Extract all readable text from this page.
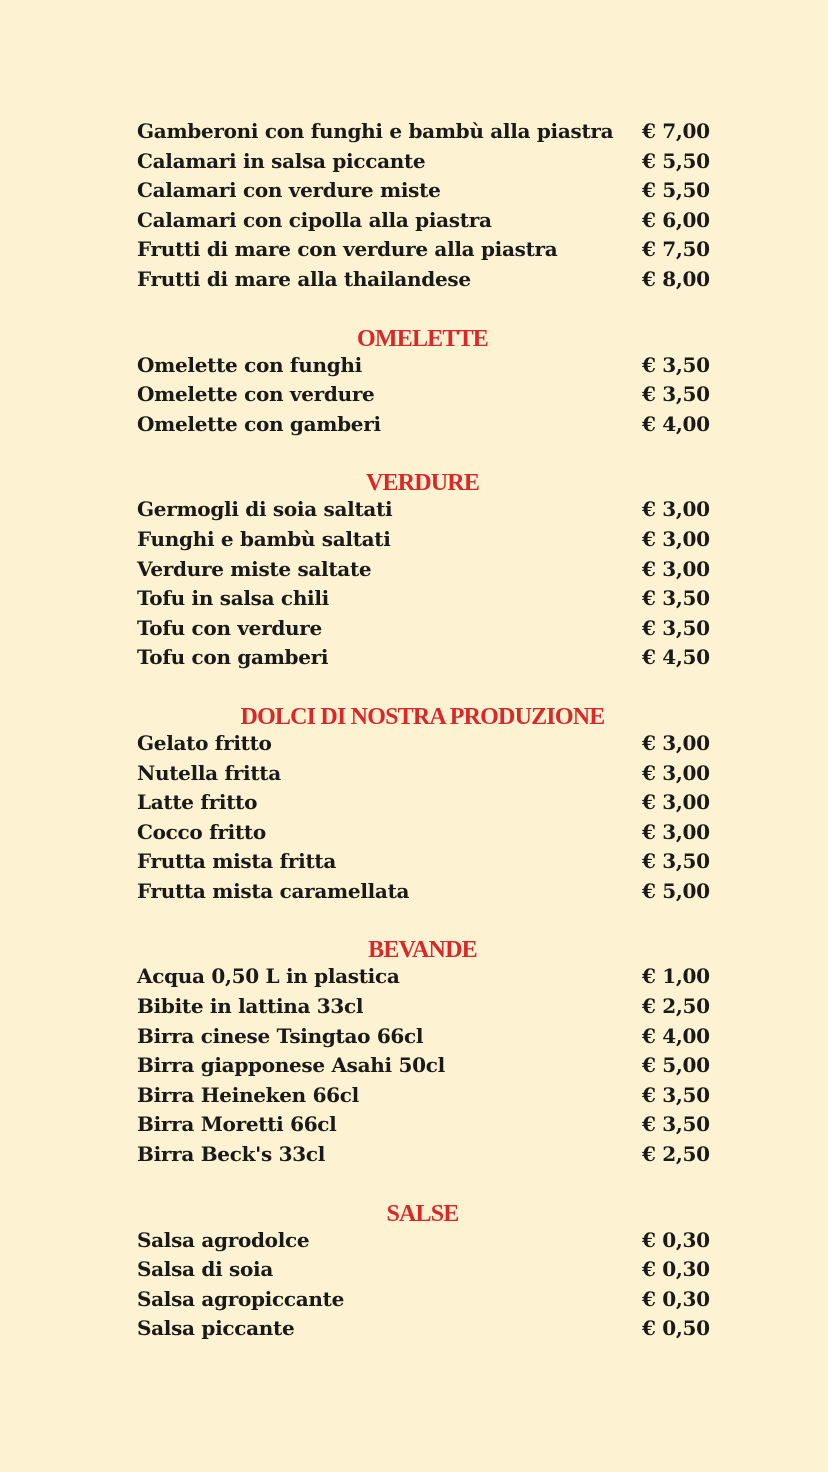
Gamberoni con funghi e bambù alla piastra € 7,00
Calamari in salsa piccante	€ 5,50
Calamari con verdure miste	€ 5,50
Calamari con cipolla alla piastra	€ 6,00
Frutti di mare con verdure alla piastra	€ 7,50
Frutti di mare alla thailandese	€ 8,00
OMELETTE
Omelette con funghi	€ 3,50
Omelette con verdure	€ 3,50
Omelette con gamberi	€ 4,00
VERDURE
Germogli di soia saltati	€ 3,00
Funghi e bambù saltati	€ 3,00
Verdure miste saltate	€ 3,00
Tofu in salsa chili	€ 3,50
Tofu con verdure	€ 3,50
Tofu con gamberi	€ 4,50
DOLCI DI NOSTRA PRODUZIONE
Gelato fritto	€ 3,00
Nutella fritta	€ 3,00
Latte fritto	€ 3,00
Cocco fritto	€ 3,00
Frutta mista fritta	€ 3,50
Frutta mista caramellata	€ 5,00
BEVANDE
Acqua 0,50 L in plastica	€ 1,00
Bibite in lattina 33cl	€ 2,50
Birra cinese Tsingtao 66cl	€ 4,00
Birra giapponese Asahi 50cl	€ 5,00
Birra Heineken 66cl	€ 3,50
Birra Moretti 66cl	€ 3,50
Birra Beck's 33cl	€ 2,50
SALSE
Salsa agrodolce	€ 0,30
Salsa di soia	€ 0,30
Salsa agropiccante	€ 0,30
Salsa piccante	€ 0,50
